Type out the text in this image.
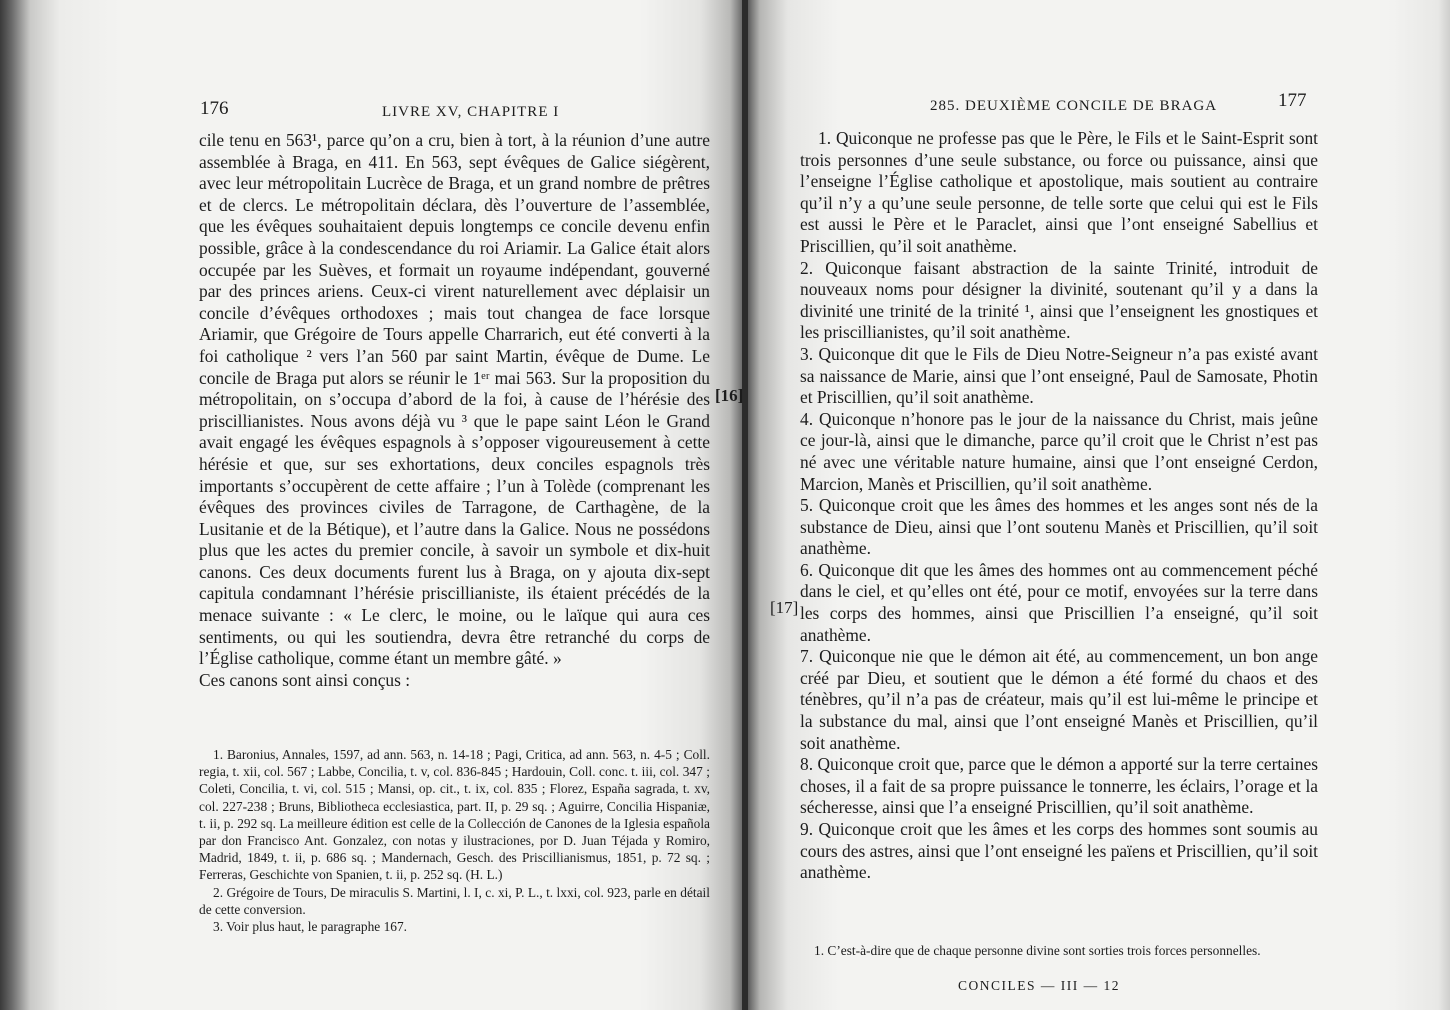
176	LIVRE XV, CHAPITRE I

cile tenu en 563¹, parce qu’on a cru, bien à tort, à la réunion d’une autre assemblée à Braga, en 411. En 563, sept évêques de Galice siégèrent, avec leur métropolitain Lucrèce de Braga, et un grand nombre de prêtres et de clercs. Le métropolitain déclara, dès l’ouverture de l’assemblée, que les évêques souhaitaient depuis longtemps ce concile devenu enfin possible, grâce à la condescendance du roi Ariamir. La Galice était alors occupée par les Suèves, et formait un royaume indépendant, gouverné par des princes ariens. Ceux-ci virent naturellement avec déplaisir un concile d’évêques orthodoxes ; mais tout changea de face lorsque Ariamir, que Grégoire de Tours appelle Charrarich, eut été converti à la foi catholique ² vers l’an 560 par saint Martin, évêque de Dume. Le concile de Braga put alors se réunir le 1ᵉʳ mai 563. Sur la proposition du métropolitain, on s’occupa d’abord de la foi, à cause de l’hérésie des priscillianistes. Nous avons déjà vu ³ que le pape saint Léon le Grand avait engagé les évêques espagnols à s’opposer vigoureusement à cette hérésie et que, sur ses exhortations, deux conciles espagnols très importants s’occupèrent de cette affaire ; l’un à Tolède (comprenant les évêques des provinces civiles de Tarragone, de Carthagène, de la Lusitanie et de la Bétique), et l’autre dans la Galice. Nous ne possédons plus que les actes du premier concile, à savoir un symbole et dix-huit canons. Ces deux documents furent lus à Braga, on y ajouta dix-sept capitula condamnant l’hérésie priscillianiste, ils étaient précédés de la menace suivante : « Le clerc, le moine, ou le laïque qui aura ces sentiments, ou qui les soutiendra, devra être retranché du corps de l’Église catholique, comme étant un membre gâté. »

Ces canons sont ainsi conçus :

1. Baronius, Annales, 1597, ad ann. 563, n. 14-18 ; Pagi, Critica, ad ann. 563, n. 4-5 ; Coll. regia, t. xii, col. 567 ; Labbe, Concilia, t. v, col. 836-845 ; Hardouin, Coll. conc. t. iii, col. 347 ; Coleti, Concilia, t. vi, col. 515 ; Mansi, op. cit., t. ix, col. 835 ; Florez, España sagrada, t. xv, col. 227-238 ; Bruns, Bibliotheca ecclesiastica, part. II, p. 29 sq. ; Aguirre, Concilia Hispaniæ, t. ii, p. 292 sq. La meilleure édition est celle de la Collección de Canones de la Iglesia española par don Francisco Ant. Gonzalez, con notas y ilustraciones, por D. Juan Téjada y Romiro, Madrid, 1849, t. ii, p. 686 sq. ; Mandernach, Gesch. des Priscillianismus, 1851, p. 72 sq. ; Ferreras, Geschichte von Spanien, t. ii, p. 252 sq. (H. L.)

2. Grégoire de Tours, De miraculis S. Martini, l. I, c. xi, P. L., t. lxxi, col. 923, parle en détail de cette conversion.

3. Voir plus haut, le paragraphe 167.

[16]
285. DEUXIÈME CONCILE DE BRAGA	177
[17]

1. Quiconque ne professe pas que le Père, le Fils et le Saint-Esprit sont trois personnes d’une seule substance, ou force ou puissance, ainsi que l’enseigne l’Église catholique et apostolique, mais soutient au contraire qu’il n’y a qu’une seule personne, de telle sorte que celui qui est le Fils est aussi le Père et le Paraclet, ainsi que l’ont enseigné Sabellius et Priscillien, qu’il soit anathème.

2. Quiconque faisant abstraction de la sainte Trinité, introduit de nouveaux noms pour désigner la divinité, soutenant qu’il y a dans la divinité une trinité de la trinité ¹, ainsi que l’enseignent les gnostiques et les priscillianistes, qu’il soit anathème.

3. Quiconque dit que le Fils de Dieu Notre-Seigneur n’a pas existé avant sa naissance de Marie, ainsi que l’ont enseigné, Paul de Samosate, Photin et Priscillien, qu’il soit anathème.

4. Quiconque n’honore pas le jour de la naissance du Christ, mais jeûne ce jour-là, ainsi que le dimanche, parce qu’il croit que le Christ n’est pas né avec une véritable nature humaine, ainsi que l’ont enseigné Cerdon, Marcion, Manès et Priscillien, qu’il soit anathème.

5. Quiconque croit que les âmes des hommes et les anges sont nés de la substance de Dieu, ainsi que l’ont soutenu Manès et Priscillien, qu’il soit anathème.

6. Quiconque dit que les âmes des hommes ont au commencement péché dans le ciel, et qu’elles ont été, pour ce motif, envoyées sur la terre dans les corps des hommes, ainsi que Priscillien l’a enseigné, qu’il soit anathème.

7. Quiconque nie que le démon ait été, au commencement, un bon ange créé par Dieu, et soutient que le démon a été formé du chaos et des ténèbres, qu’il n’a pas de créateur, mais qu’il est lui-même le principe et la substance du mal, ainsi que l’ont enseigné Manès et Priscillien, qu’il soit anathème.

8. Quiconque croit que, parce que le démon a apporté sur la terre certaines choses, il a fait de sa propre puissance le tonnerre, les éclairs, l’orage et la sécheresse, ainsi que l’a enseigné Priscillien, qu’il soit anathème.

9. Quiconque croit que les âmes et les corps des hommes sont soumis au cours des astres, ainsi que l’ont enseigné les païens et Priscillien, qu’il soit anathème.

1. C’est-à-dire que de chaque personne divine sont sorties trois forces personnelles.

CONCILES — III — 12
